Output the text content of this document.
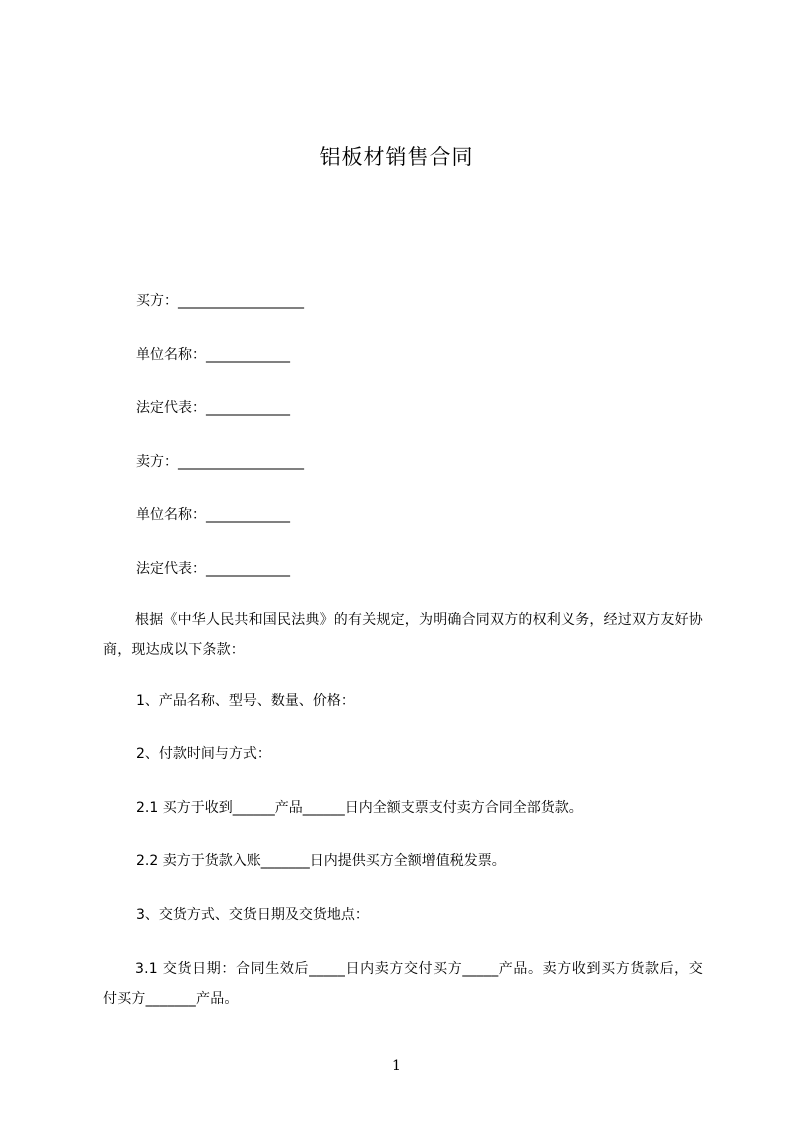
铝板材销售合同
买方：__________________
单位名称：____________
法定代表：____________
卖方：__________________
单位名称：____________
法定代表：____________
根据《中华人民共和国民法典》的有关规定，为明确合同双方的权利义务，经过双方友好协商，现达成以下条款：
1、产品名称、型号、数量、价格：
2、付款时间与方式：
2.1 买方于收到______产品______日内全额支票支付卖方合同全部货款。
2.2 卖方于货款入账_______日内提供买方全额增值税发票。
3、交货方式、交货日期及交货地点：
3.1 交货日期：合同生效后_____日内卖方交付买方_____产品。卖方收到买方货款后，交付买方_______产品。
1
